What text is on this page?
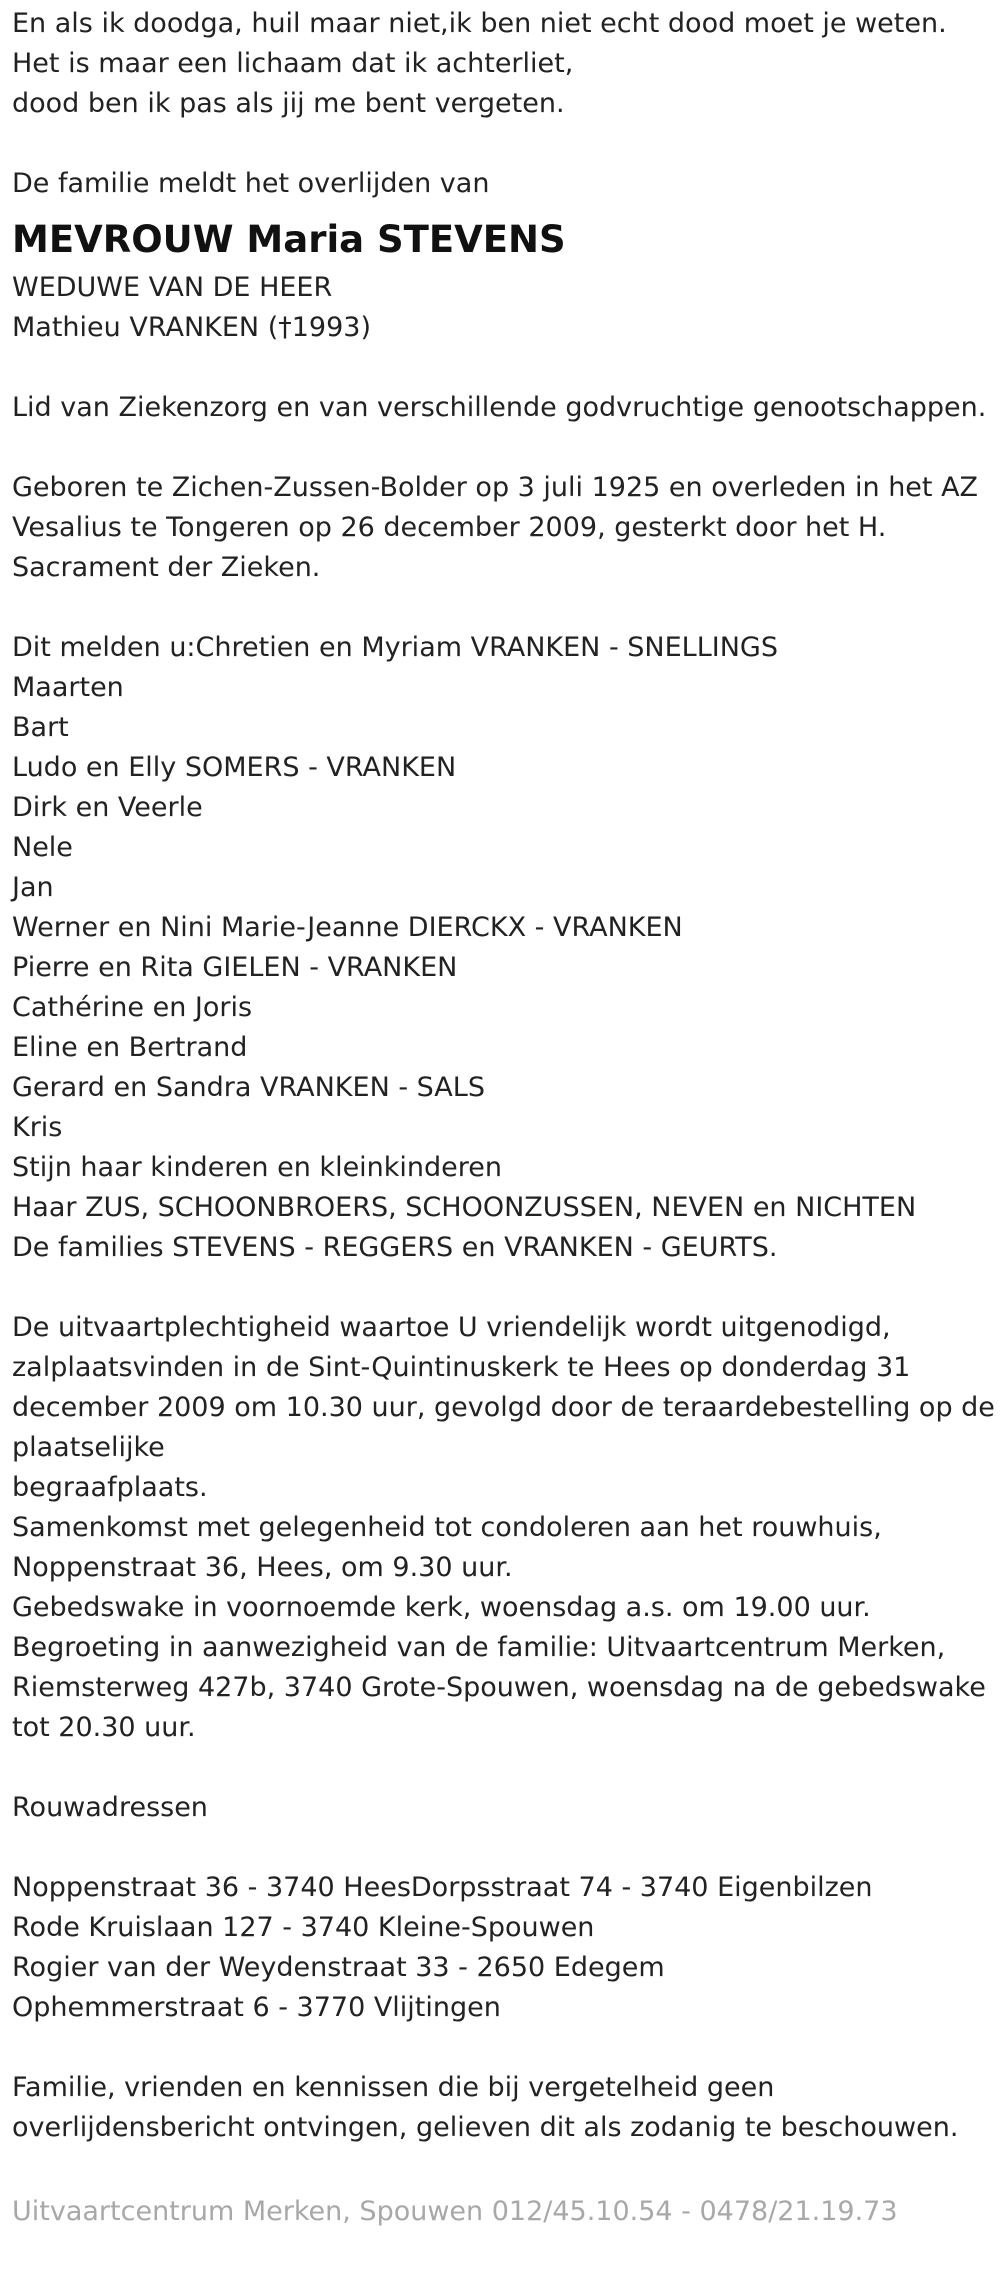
En als ik doodga, huil maar niet,ik ben niet echt dood moet je weten.
Het is maar een lichaam dat ik achterliet,
dood ben ik pas als jij me bent vergeten.
De familie meldt het overlijden van
MEVROUW Maria STEVENS
WEDUWE VAN DE HEER
Mathieu VRANKEN (†1993)
Lid van Ziekenzorg en van verschillende godvruchtige genootschappen.
Geboren te Zichen-Zussen-Bolder op 3 juli 1925 en overleden in het AZ
Vesalius te Tongeren op 26 december 2009, gesterkt door het H.
Sacrament der Zieken.
Dit melden u:Chretien en Myriam VRANKEN - SNELLINGS
Maarten
Bart
Ludo en Elly SOMERS - VRANKEN
Dirk en Veerle
Nele
Jan
Werner en Nini Marie-Jeanne DIERCKX - VRANKEN
Pierre en Rita GIELEN - VRANKEN
Cathérine en Joris
Eline en Bertrand
Gerard en Sandra VRANKEN - SALS
Kris
Stijn haar kinderen en kleinkinderen
Haar ZUS, SCHOONBROERS, SCHOONZUSSEN, NEVEN en NICHTEN
De families STEVENS - REGGERS en VRANKEN - GEURTS.
De uitvaartplechtigheid waartoe U vriendelijk wordt uitgenodigd,
zalplaatsvinden in de Sint-Quintinuskerk te Hees op donderdag 31
december 2009 om 10.30 uur, gevolgd door de teraardebestelling op de
plaatselijke
begraafplaats.
Samenkomst met gelegenheid tot condoleren aan het rouwhuis,
Noppenstraat 36, Hees, om 9.30 uur.
Gebedswake in voornoemde kerk, woensdag a.s. om 19.00 uur.
Begroeting in aanwezigheid van de familie: Uitvaartcentrum Merken,
Riemsterweg 427b, 3740 Grote-Spouwen, woensdag na de gebedswake
tot 20.30 uur.
Rouwadressen
Noppenstraat 36 - 3740 HeesDorpsstraat 74 - 3740 Eigenbilzen
Rode Kruislaan 127 - 3740 Kleine-Spouwen
Rogier van der Weydenstraat 33 - 2650 Edegem
Ophemmerstraat 6 - 3770 Vlijtingen
Familie, vrienden en kennissen die bij vergetelheid geen
overlijdensbericht ontvingen, gelieven dit als zodanig te beschouwen.
Uitvaartcentrum Merken, Spouwen 012/45.10.54 - 0478/21.19.73
